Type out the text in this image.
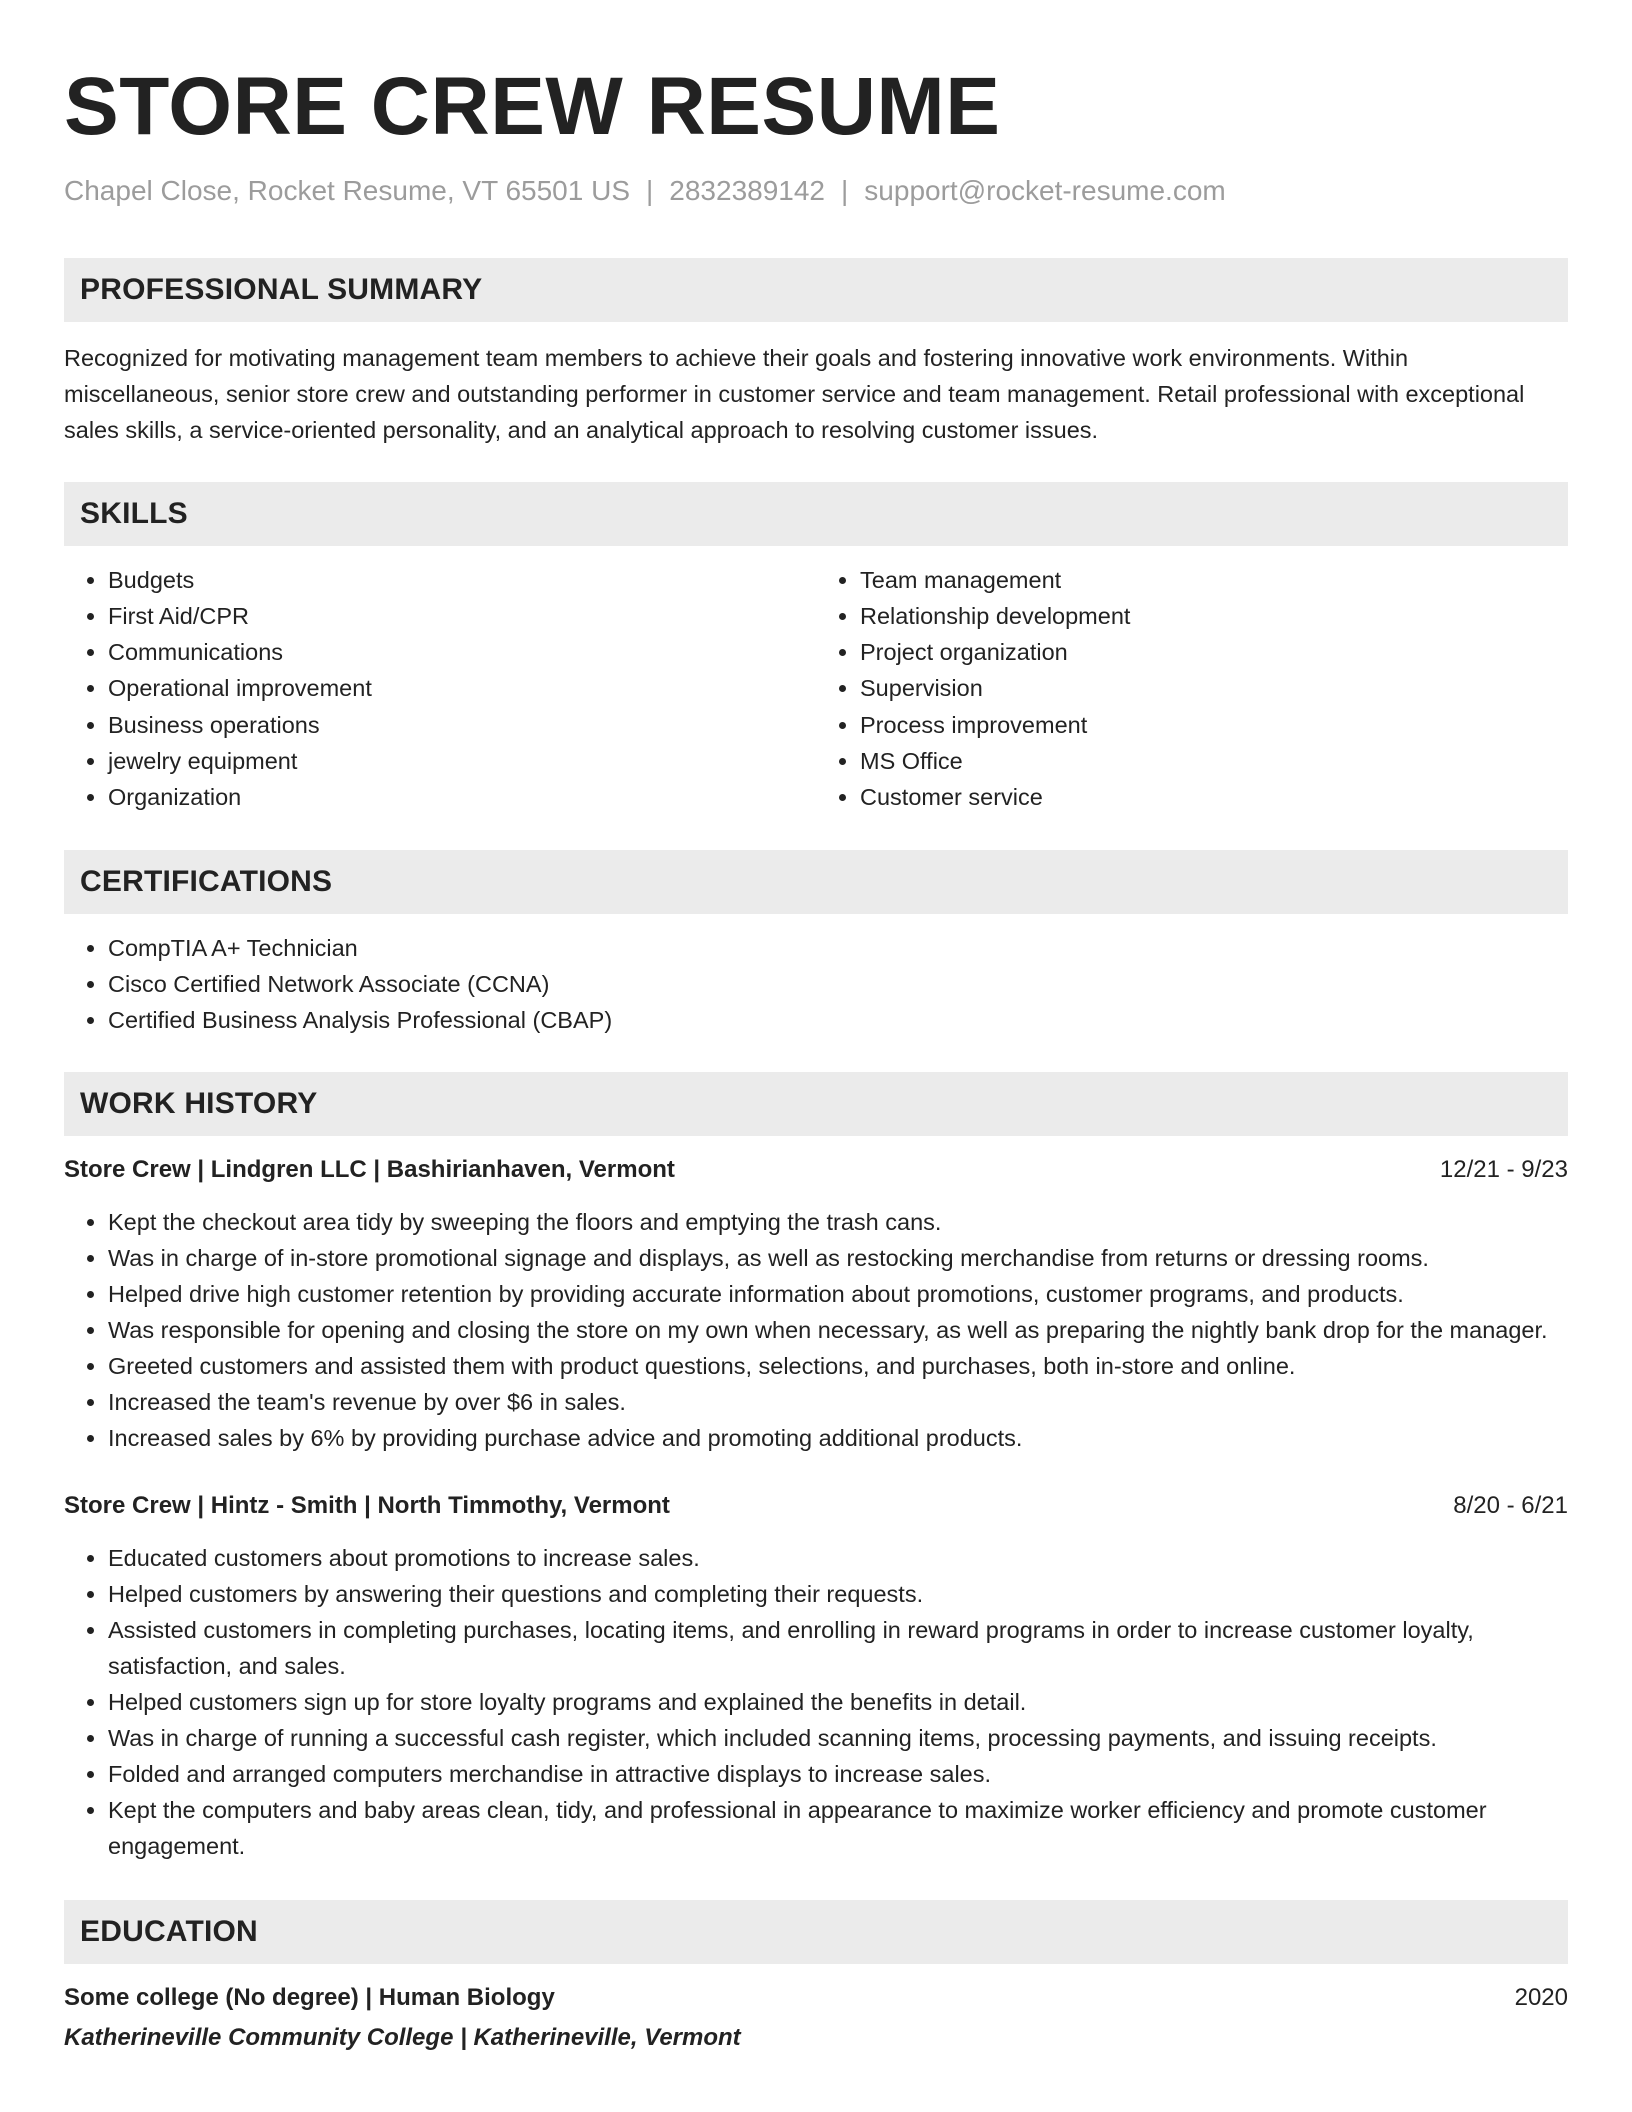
STORE CREW RESUME
Chapel Close, Rocket Resume, VT 65501 US | 2832389142 | support@rocket-resume.com
PROFESSIONAL SUMMARY
Recognized for motivating management team members to achieve their goals and fostering innovative work environments. Within miscellaneous, senior store crew and outstanding performer in customer service and team management. Retail professional with exceptional sales skills, a service-oriented personality, and an analytical approach to resolving customer issues.
SKILLS
• Budgets
• First Aid/CPR
• Communications
• Operational improvement
• Business operations
• jewelry equipment
• Organization
• Team management
• Relationship development
• Project organization
• Supervision
• Process improvement
• MS Office
• Customer service
CERTIFICATIONS
• CompTIA A+ Technician
• Cisco Certified Network Associate (CCNA)
• Certified Business Analysis Professional (CBAP)
WORK HISTORY
Store Crew | Lindgren LLC | Bashirianhaven, Vermont	12/21 - 9/23
• Kept the checkout area tidy by sweeping the floors and emptying the trash cans.
• Was in charge of in-store promotional signage and displays, as well as restocking merchandise from returns or dressing rooms.
• Helped drive high customer retention by providing accurate information about promotions, customer programs, and products.
• Was responsible for opening and closing the store on my own when necessary, as well as preparing the nightly bank drop for the manager.
• Greeted customers and assisted them with product questions, selections, and purchases, both in-store and online.
• Increased the team's revenue by over $6 in sales.
• Increased sales by 6% by providing purchase advice and promoting additional products.
Store Crew | Hintz - Smith | North Timmothy, Vermont	8/20 - 6/21
• Educated customers about promotions to increase sales.
• Helped customers by answering their questions and completing their requests.
• Assisted customers in completing purchases, locating items, and enrolling in reward programs in order to increase customer loyalty, satisfaction, and sales.
• Helped customers sign up for store loyalty programs and explained the benefits in detail.
• Was in charge of running a successful cash register, which included scanning items, processing payments, and issuing receipts.
• Folded and arranged computers merchandise in attractive displays to increase sales.
• Kept the computers and baby areas clean, tidy, and professional in appearance to maximize worker efficiency and promote customer engagement.
EDUCATION
Some college (No degree) | Human Biology	2020
Katherineville Community College | Katherineville, Vermont
